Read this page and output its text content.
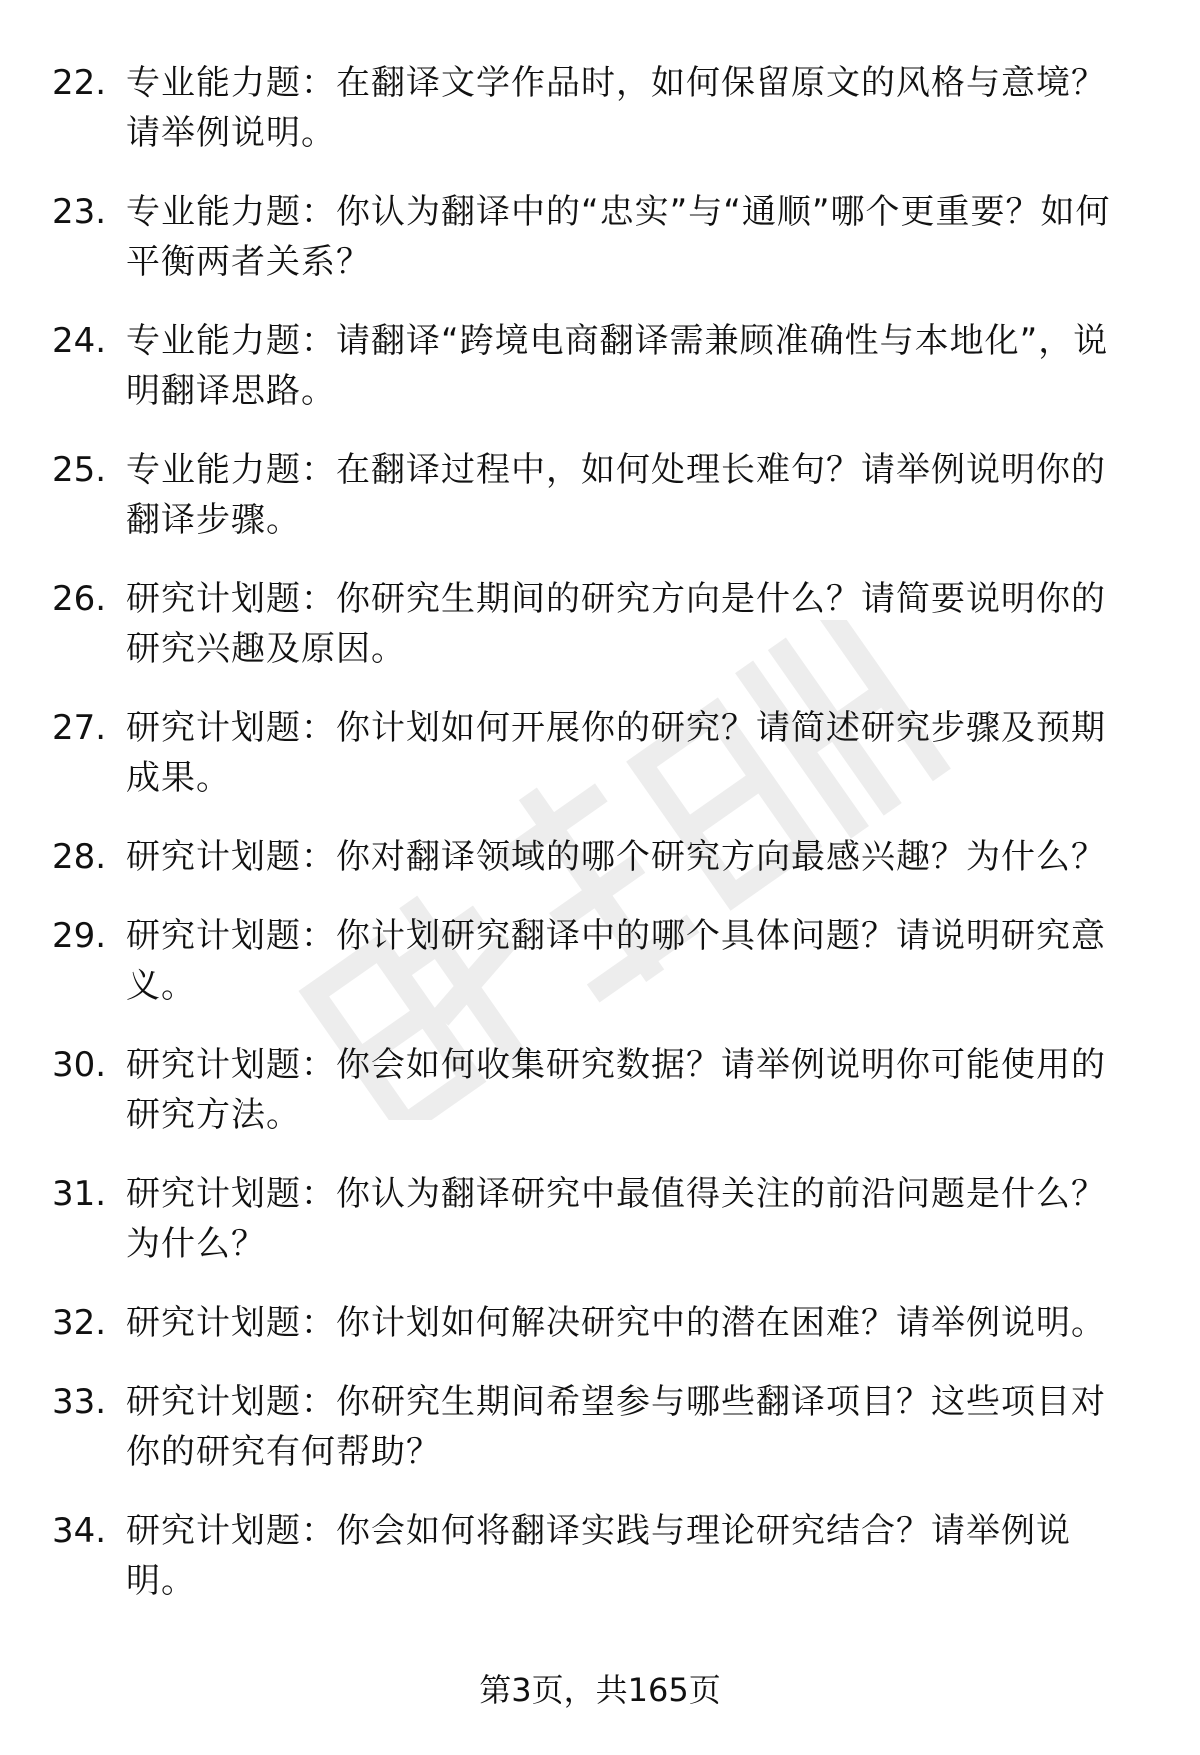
22. 专业能力题：在翻译文学作品时，如何保留原文的风格与意境？请举例说明。
23. 专业能力题：你认为翻译中的“忠实”与“通顺”哪个更重要？如何平衡两者关系？
24. 专业能力题：请翻译“跨境电商翻译需兼顾准确性与本地化”，说明翻译思路。
25. 专业能力题：在翻译过程中，如何处理长难句？请举例说明你的翻译步骤。
26. 研究计划题：你研究生期间的研究方向是什么？请简要说明你的研究兴趣及原因。
27. 研究计划题：你计划如何开展你的研究？请简述研究步骤及预期成果。
28. 研究计划题：你对翻译领域的哪个研究方向最感兴趣？为什么？
29. 研究计划题：你计划研究翻译中的哪个具体问题？请说明研究意义。
30. 研究计划题：你会如何收集研究数据？请举例说明你可能使用的研究方法。
31. 研究计划题：你认为翻译研究中最值得关注的前沿问题是什么？为什么？
32. 研究计划题：你计划如何解决研究中的潜在困难？请举例说明。
33. 研究计划题：你研究生期间希望参与哪些翻译项目？这些项目对你的研究有何帮助？
34. 研究计划题：你会如何将翻译实践与理论研究结合？请举例说明。
第3页，共165页
